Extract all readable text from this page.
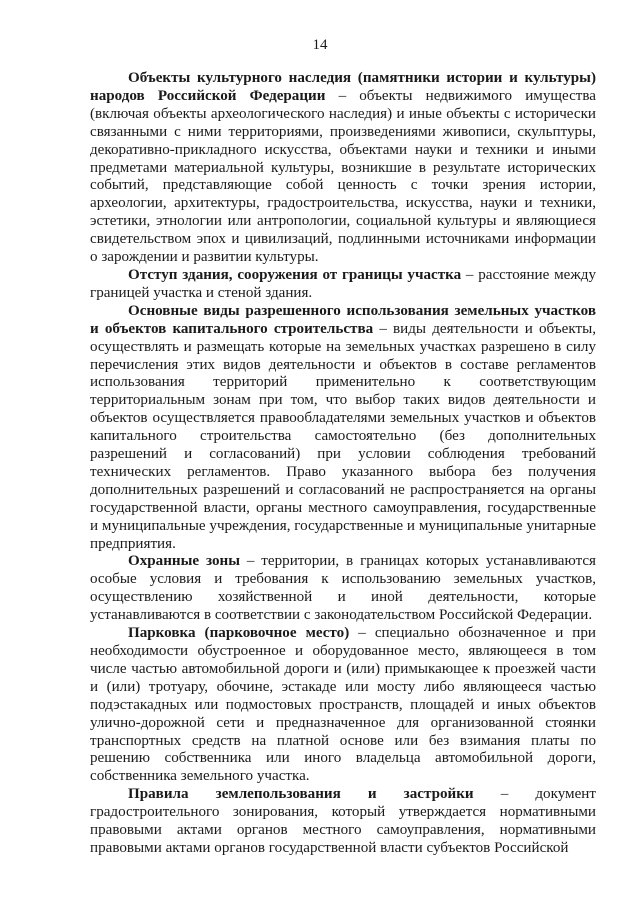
14

Объекты культурного наследия (памятники истории и культуры) народов Российской Федерации – объекты недвижимого имущества (включая объекты археологического наследия) и иные объекты с исторически связанными с ними территориями, произведениями живописи, скульптуры, декоративно-прикладного искусства, объектами науки и техники и иными предметами материальной культуры, возникшие в результате исторических событий, представляющие собой ценность с точки зрения истории, археологии, архитектуры, градостроительства, искусства, науки и техники, эстетики, этнологии или антропологии, социальной культуры и являющиеся свидетельством эпох и цивилизаций, подлинными источниками информации о зарождении и развитии культуры.

Отступ здания, сооружения от границы участка – расстояние между границей участка и стеной здания.

Основные виды разрешенного использования земельных участков и объектов капитального строительства – виды деятельности и объекты, осуществлять и размещать которые на земельных участках разрешено в силу перечисления этих видов деятельности и объектов в составе регламентов использования территорий применительно к соответствующим территориальным зонам при том, что выбор таких видов деятельности и объектов осуществляется правообладателями земельных участков и объектов капитального строительства самостоятельно (без дополнительных разрешений и согласований) при условии соблюдения требований технических регламентов. Право указанного выбора без получения дополнительных разрешений и согласований не распространяется на органы государственной власти, органы местного самоуправления, государственные и муниципальные учреждения, государственные и муниципальные унитарные предприятия.

Охранные зоны – территории, в границах которых устанавливаются особые условия и требования к использованию земельных участков, осуществлению хозяйственной и иной деятельности, которые устанавливаются в соответствии с законодательством Российской Федерации.

Парковка (парковочное место) – специально обозначенное и при необходимости обустроенное и оборудованное место, являющееся в том числе частью автомобильной дороги и (или) примыкающее к проезжей части и (или) тротуару, обочине, эстакаде или мосту либо являющееся частью подэстакадных или подмостовых пространств, площадей и иных объектов улично-дорожной сети и предназначенное для организованной стоянки транспортных средств на платной основе или без взимания платы по решению собственника или иного владельца автомобильной дороги, собственника земельного участка.

Правила землепользования и застройки – документ градостроительного зонирования, который утверждается нормативными правовыми актами органов местного самоуправления, нормативными правовыми актами органов государственной власти субъектов Российской
